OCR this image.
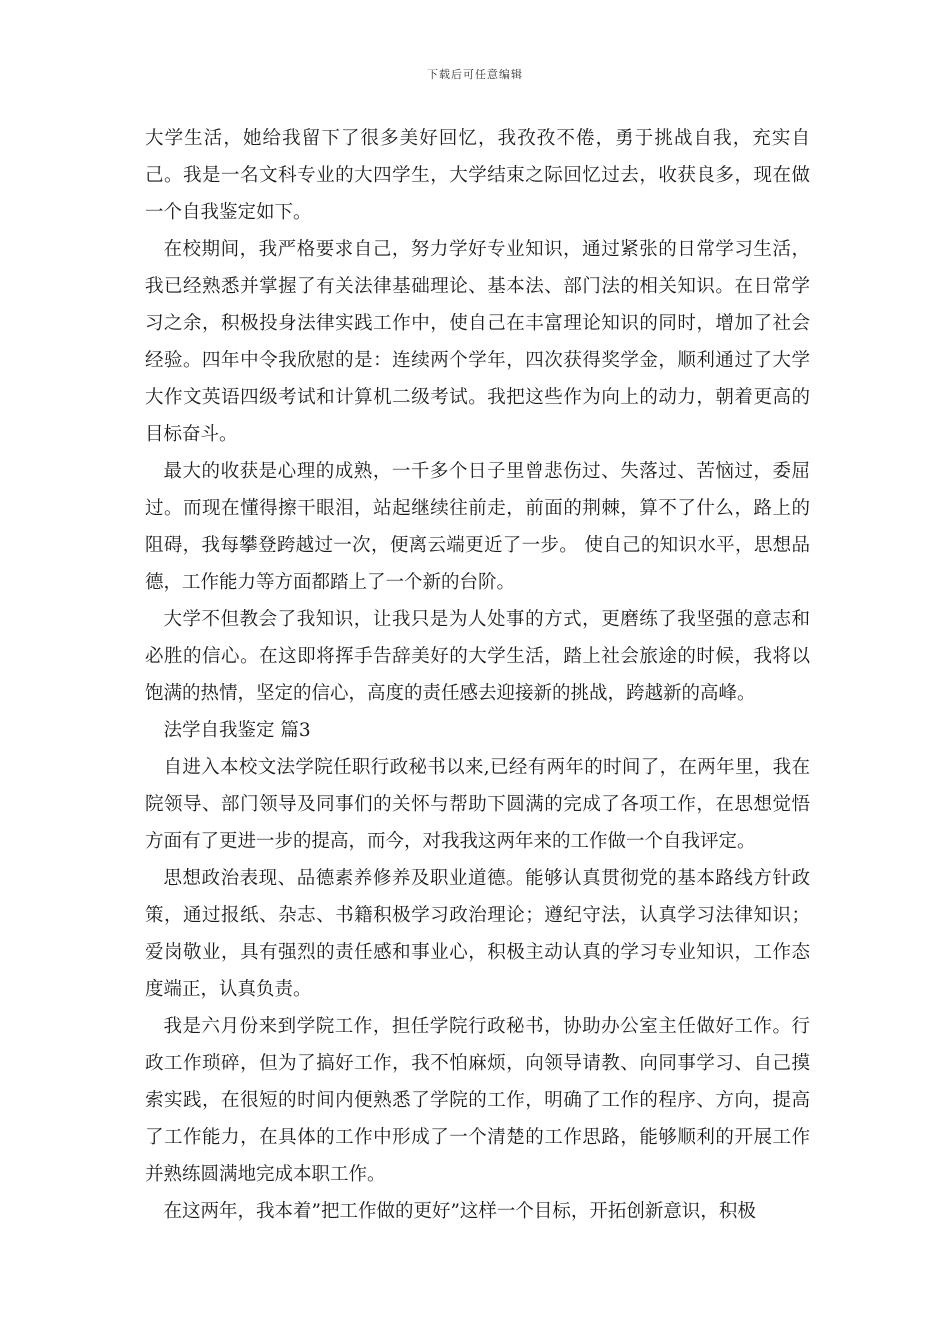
下载后可任意编辑

大学生活，她给我留下了很多美好回忆，我孜孜不倦，勇于挑战自我，充实自己。我是一名文科专业的大四学生，大学结束之际回忆过去，收获良多，现在做一个自我鉴定如下。

在校期间，我严格要求自己，努力学好专业知识，通过紧张的日常学习生活，我已经熟悉并掌握了有关法律基础理论、基本法、部门法的相关知识。在日常学习之余，积极投身法律实践工作中，使自己在丰富理论知识的同时，增加了社会经验。四年中令我欣慰的是：连续两个学年，四次获得奖学金，顺利通过了大学大作文英语四级考试和计算机二级考试。我把这些作为向上的动力，朝着更高的目标奋斗。

最大的收获是心理的成熟，一千多个日子里曾悲伤过、失落过、苦恼过，委屈过。而现在懂得擦干眼泪，站起继续往前走，前面的荆棘，算不了什么，路上的阻碍，我每攀登跨越过一次，便离云端更近了一步。 使自己的知识水平，思想品德，工作能力等方面都踏上了一个新的台阶。

大学不但教会了我知识，让我只是为人处事的方式，更磨练了我坚强的意志和必胜的信心。在这即将挥手告辞美好的大学生活，踏上社会旅途的时候，我将以饱满的热情，坚定的信心，高度的责任感去迎接新的挑战，跨越新的高峰。

法学自我鉴定 篇3

自进入本校文法学院任职行政秘书以来,已经有两年的时间了，在两年里，我在院领导、部门领导及同事们的关怀与帮助下圆满的完成了各项工作，在思想觉悟方面有了更进一步的提高，而今，对我我这两年来的工作做一个自我评定。

思想政治表现、品德素养修养及职业道德。能够认真贯彻党的基本路线方针政策，通过报纸、杂志、书籍积极学习政治理论；遵纪守法，认真学习法律知识；爱岗敬业，具有强烈的责任感和事业心，积极主动认真的学习专业知识，工作态度端正，认真负责。

我是六月份来到学院工作，担任学院行政秘书，协助办公室主任做好工作。行政工作琐碎，但为了搞好工作，我不怕麻烦，向领导请教、向同事学习、自己摸索实践，在很短的时间内便熟悉了学院的工作，明确了工作的程序、方向，提高了工作能力，在具体的工作中形成了一个清楚的工作思路，能够顺利的开展工作并熟练圆满地完成本职工作。

在这两年，我本着”把工作做的更好”这样一个目标，开拓创新意识，积极
